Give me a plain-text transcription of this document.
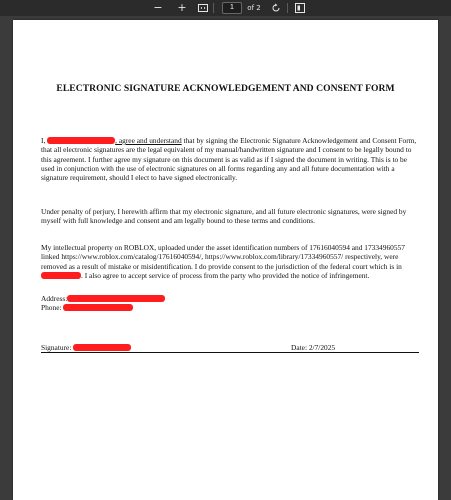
− +
1	of 2
ELECTRONIC SIGNATURE ACKNOWLEDGEMENT AND CONSENT FORM
I,	, agree and understand that by signing the Electronic Signature Acknowledgement and Consent Form, that all electronic signatures are the legal equivalent of my manual/handwritten signature and I consent to be legally bound to this agreement. I further agree my signature on this document is as valid as if I signed the document in writing. This is to be used in conjunction with the use of electronic signatures on all forms regarding any and all future documentation with a signature requirement, should I elect to have signed electronically.
Under penalty of perjury, I herewith affirm that my electronic signature, and all future electronic signatures, were signed by myself with full knowledge and consent and am legally bound to these terms and conditions.
My intellectual property on ROBLOX, uploaded under the asset identification numbers of 17616040594 and 17334960557 linked https://www.roblox.com/catalog/17616040594/, https://www.roblox.com/library/17334960557/ respectively, were removed as a result of mistake or misidentification. I do provide consent to the jurisdiction of the federal court which is in . I also agree to accept service of process from the party who provided the notice of infringement.
Address:
Phone:
Signature:	Date: 2/7/2025
